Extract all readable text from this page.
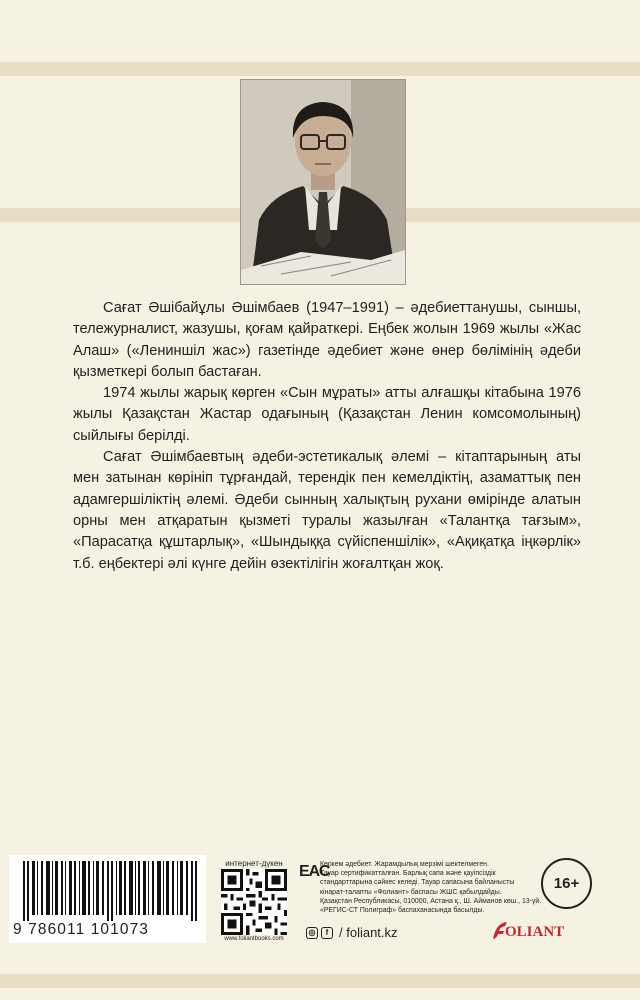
Сағат Әшібайұлы Әшімбаев (1947–1991) – әдебиеттанушы, сыншы, тележурналист, жазушы, қоғам қайраткері. Еңбек жолын 1969 жылы «Жас Алаш» («Лениншіл жас») газетінде әдебиет және өнер бөлімінің әдеби қызметкері болып бастаған.

1974 жылы жарық көрген «Сын мұраты» атты алғашқы кітабына 1976 жылы Қазақстан Жастар одағының (Қазақстан Ленин комсомолының) сыйлығы берілді.

Сағат Әшімбаевтың әдеби-эстетикалық әлемі – кітаптарының аты мен затынан көрініп тұрғандай, терендік пен кемелдіктің, азаматтық пен адамгершіліктің әлемі. Әдеби сынның халықтың рухани өмірінде алатын орны мен атқаратын қызметі туралы жазылған «Талантқа тағзым», «Парасатқа құштарлық», «Шындыққа сүйіспеншілік», «Ақиқатқа іңкәрлік» т.б. еңбектері әлі күнге дейін өзектілігін жоғалтқан жоқ.

9 786011 101073
интернет-дүкен
www.foliantbooks.com
ЕАС
Көркем әдебиет. Жарамдылық мерзімі шектелмеген.
Тауар сертификатталған. Барлық сапа және қауіпсіздік
стандарттарына сәйкес келеді. Тауар сапасына байланысты
кінарат-талапты «Фолиант» баспасы ЖШС қабылдайды.
Қазақстан Республикасы, 010000, Астана қ., Ш. Айманов көш., 13-үй.
«РЕГИС-СТ Полиграф» баспаханасында басылды.
16+
◎	f / foliant.kz	OLIANT
